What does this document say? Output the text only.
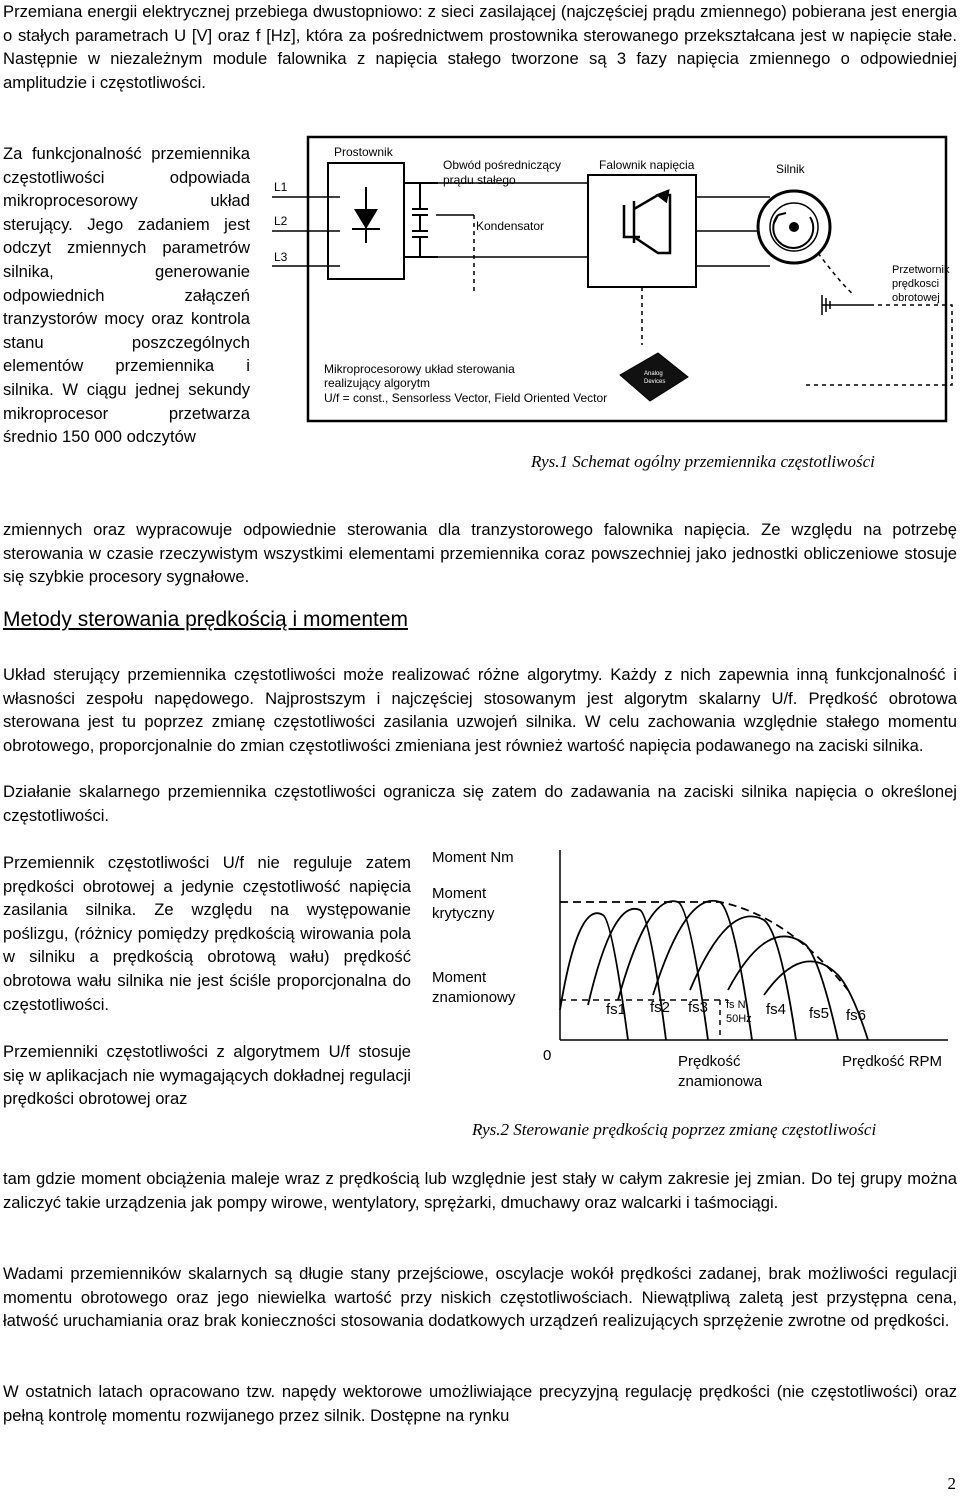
Przemiana energii elektrycznej przebiega dwustopniowo: z sieci zasilającej (najczęściej prądu zmiennego) pobierana jest energia o stałych parametrach U [V] oraz f [Hz], która za pośrednictwem prostownika sterowanego przekształcana jest w napięcie stałe. Następnie w niezależnym module falownika z napięcia stałego tworzone są 3 fazy napięcia zmiennego o odpowiedniej amplitudzie i częstotliwości.

Za funkcjonalność przemiennika częstotliwości odpowiada mikroprocesorowy układ sterujący. Jego zadaniem jest odczyt zmiennych parametrów silnika, generowanie odpowiednich załączeń tranzystorów mocy oraz kontrola stanu poszczególnych elementów przemiennika i silnika. W ciągu jednej sekundy mikroprocesor przetwarza średnio 150 000 odczytów

L1
L2
L3
Prostownik
Obwód pośredniczący
prądu stałego
Kondensator
Falownik napięcia	Silnik
Przetwornik
prędkosci
obrotowej
Mikroprocesorowy układ sterowania
realizujący algorytm
U/f = const., Sensorless Vector, Field Oriented Vector
Analog
Devices
Rys.1 Schemat ogólny przemiennika częstotliwości

zmiennych oraz wypracowuje odpowiednie sterowania dla tranzystorowego falownika napięcia. Ze względu na potrzebę sterowania w czasie rzeczywistym wszystkimi elementami przemiennika coraz powszechniej jako jednostki obliczeniowe stosuje się szybkie procesory sygnałowe.

Metody sterowania prędkością i momentem

Układ sterujący przemiennika częstotliwości może realizować różne algorytmy. Każdy z nich zapewnia inną funkcjonalność i własności zespołu napędowego. Najprostszym i najczęściej stosowanym jest algorytm skalarny U/f. Prędkość obrotowa sterowana jest tu poprzez zmianę częstotliwości zasilania uzwojeń silnika. W celu zachowania względnie stałego momentu obrotowego, proporcjonalnie do zmian częstotliwości zmieniana jest również wartość napięcia podawanego na zaciski silnika.

Działanie skalarnego przemiennika częstotliwości ogranicza się zatem do zadawania na zaciski silnika napięcia o określonej częstotliwości.

Przemiennik częstotliwości U/f nie reguluje zatem prędkości obrotowej a jedynie częstotliwość napięcia zasilania silnika. Ze względu na występowanie poślizgu, (różnicy pomiędzy prędkością wirowania pola w silniku a prędkością obrotową wału) prędkość obrotowa wału silnika nie jest ściśle proporcjonalna do częstotliwości.

Przemienniki częstotliwości z algorytmem U/f stosuje się w aplikacjach nie wymagających dokładnej regulacji prędkości obrotowej oraz

Moment Nm
Moment
krytyczny
Moment
znamionowy
0
fs1 fs2 fs3 fs N
50Hz
fs4 fs5 fs6
Prędkość
znamionowa
Prędkość RPM
Rys.2 Sterowanie prędkością poprzez zmianę częstotliwości

tam gdzie moment obciążenia maleje wraz z prędkością lub względnie jest stały w całym zakresie jej zmian. Do tej grupy można zaliczyć takie urządzenia jak pompy wirowe, wentylatory, sprężarki, dmuchawy oraz walcarki i taśmociągi.

Wadami przemienników skalarnych są długie stany przejściowe, oscylacje wokół prędkości zadanej, brak możliwości regulacji momentu obrotowego oraz jego niewielka wartość przy niskich częstotliwościach. Niewątpliwą zaletą jest przystępna cena, łatwość uruchamiania oraz brak konieczności stosowania dodatkowych urządzeń realizujących sprzężenie zwrotne od prędkości.

W ostatnich latach opracowano tzw. napędy wektorowe umożliwiające precyzyjną regulację prędkości (nie częstotliwości) oraz pełną kontrolę momentu rozwijanego przez silnik. Dostępne na rynku

2
